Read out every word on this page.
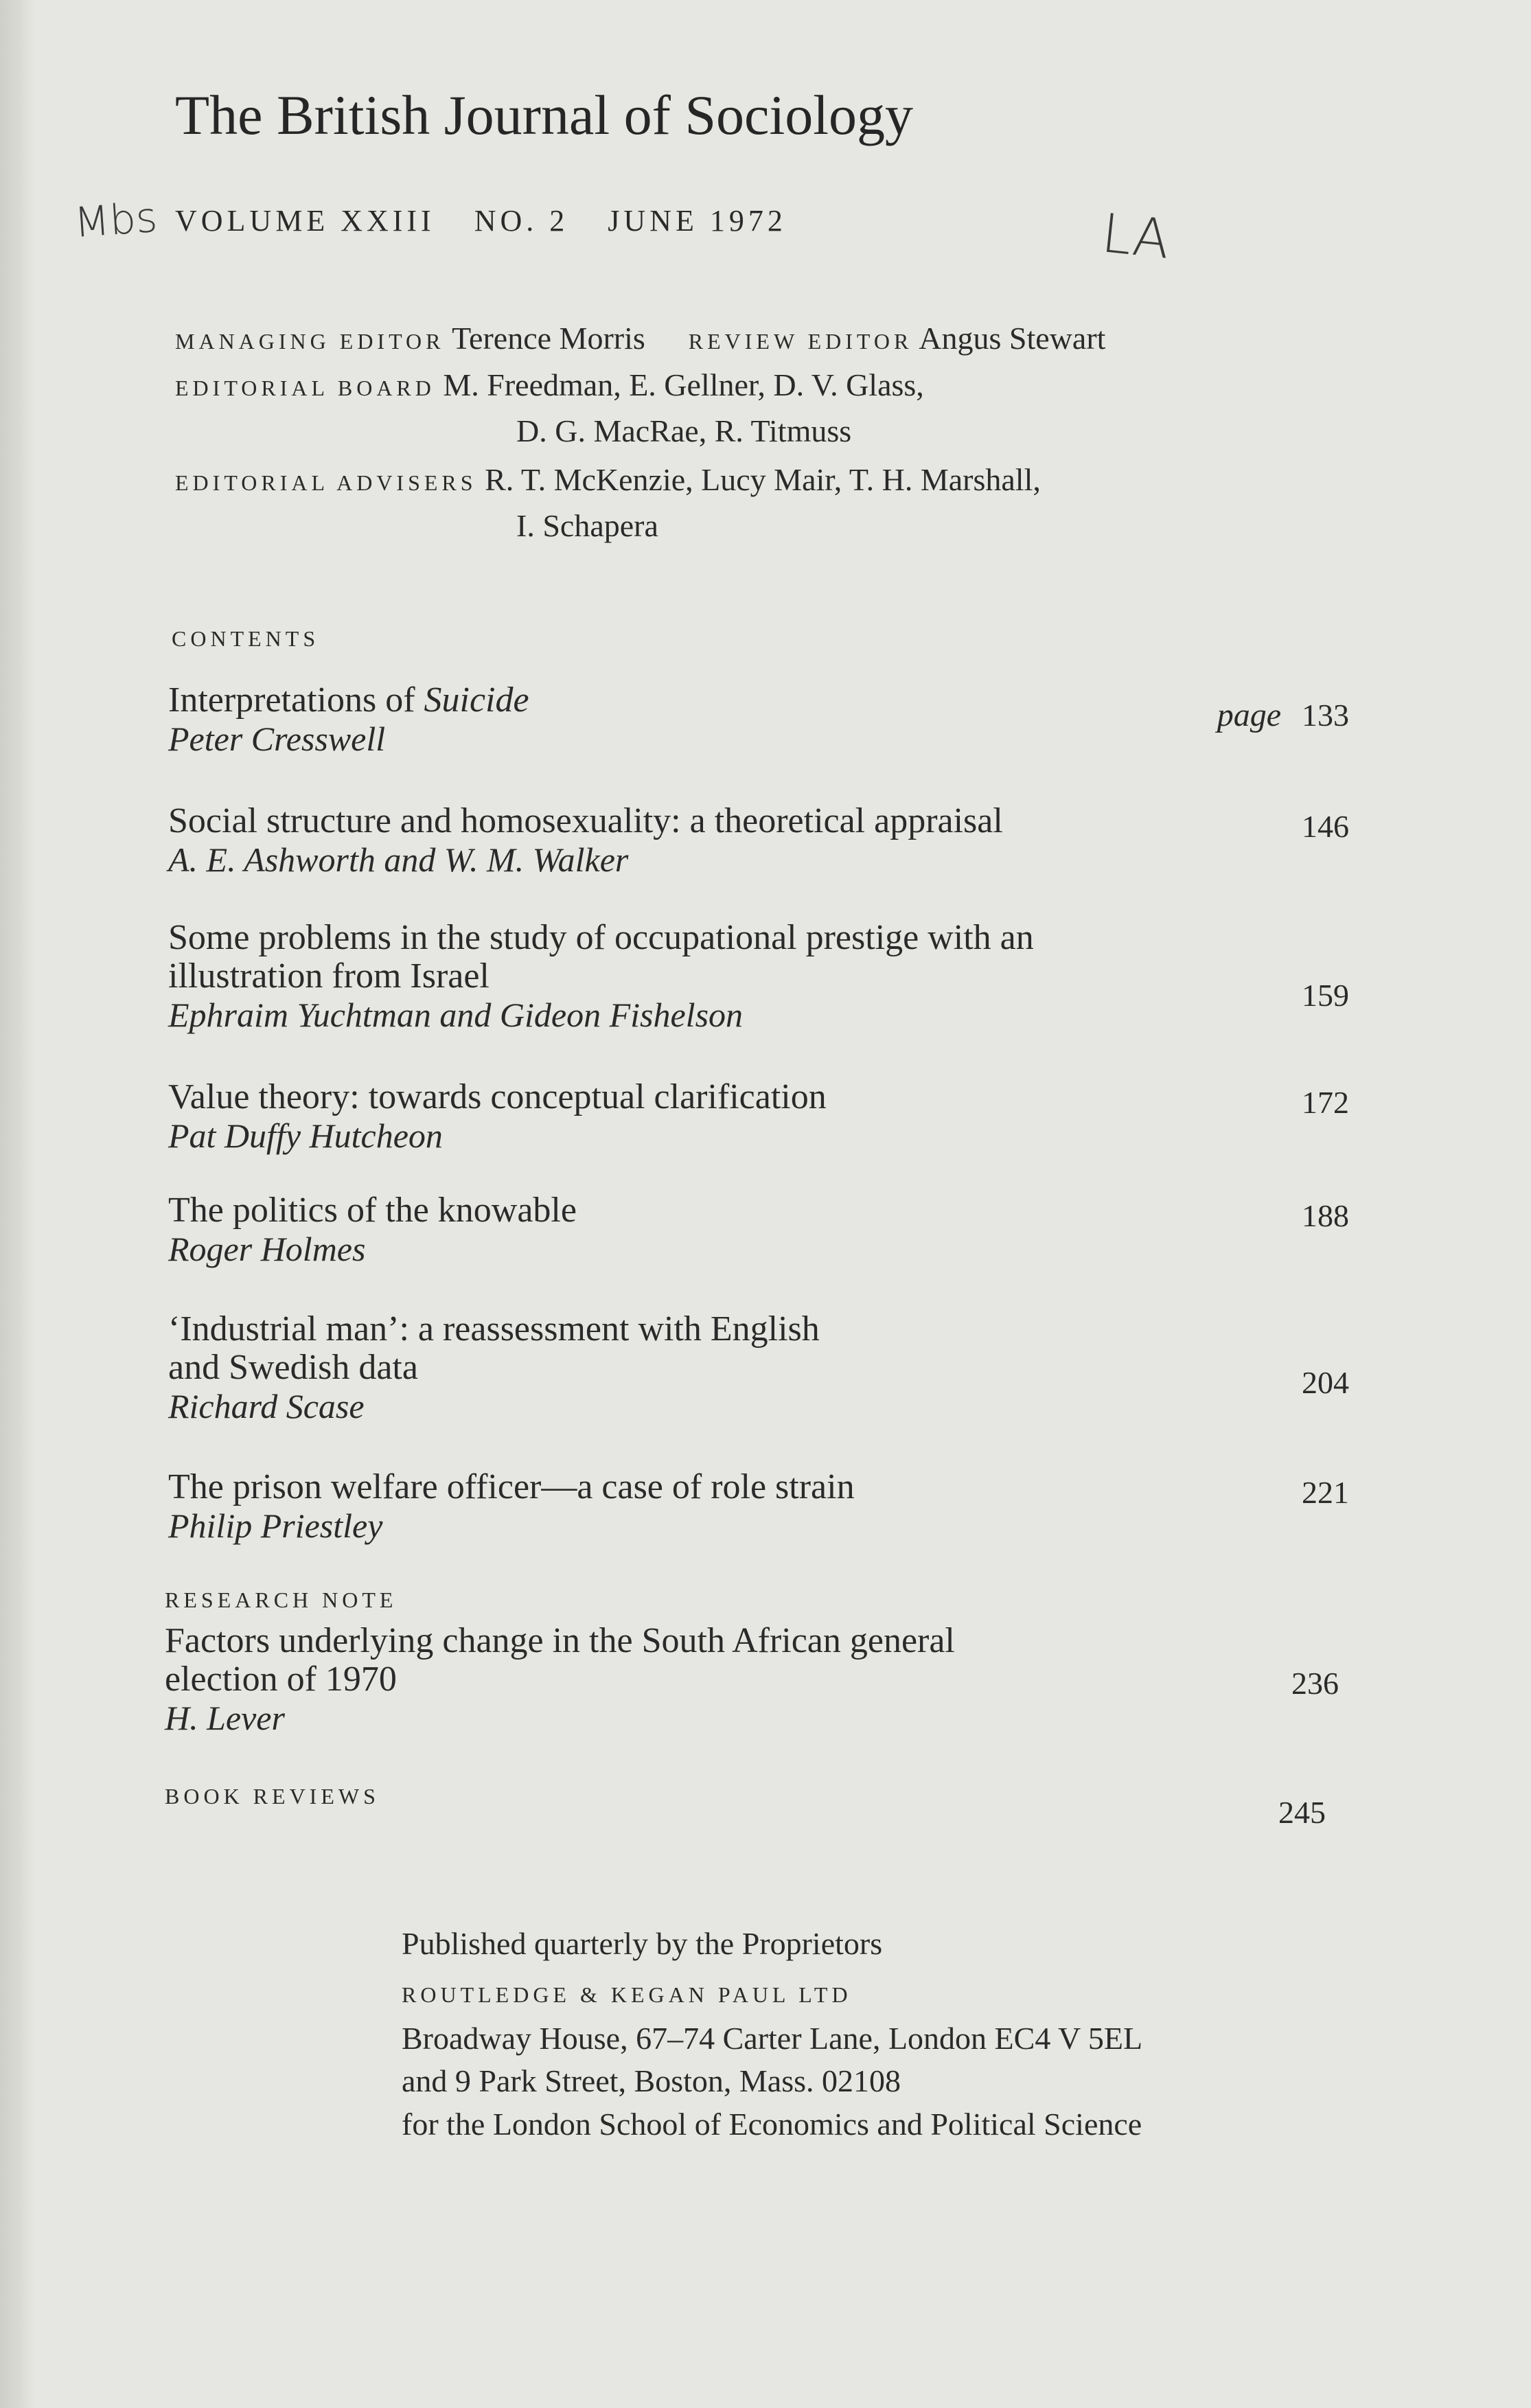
The British Journal of Sociology
Mbs	LA
VOLUME XXIII NO. 2 JUNE 1972
MANAGING EDITOR Terence Morris REVIEW EDITOR Angus Stewart
EDITORIAL BOARD M. Freedman, E. Gellner, D. V. Glass,
D. G. MacRae, R. Titmuss
EDITORIAL ADVISERS R. T. McKenzie, Lucy Mair, T. H. Marshall,
I. Schapera
CONTENTS
Interpretations of Suicide
Peter Cresswell
page 133
Social structure and homosexuality: a theoretical appraisal
A. E. Ashworth and W. M. Walker
146
Some problems in the study of occupational prestige with an
illustration from Israel
Ephraim Yuchtman and Gideon Fishelson
159
Value theory: towards conceptual clarification
Pat Duffy Hutcheon
172
The politics of the knowable
Roger Holmes
188
‘Industrial man’: a reassessment with English
and Swedish data
Richard Scase
204
The prison welfare officer—a case of role strain
Philip Priestley
221
RESEARCH NOTE
Factors underlying change in the South African general
election of 1970
H. Lever
236
BOOK REVIEWS	245
Published quarterly by the Proprietors
ROUTLEDGE & KEGAN PAUL LTD
Broadway House, 67–74 Carter Lane, London EC4 V 5EL
and 9 Park Street, Boston, Mass. 02108
for the London School of Economics and Political Science
